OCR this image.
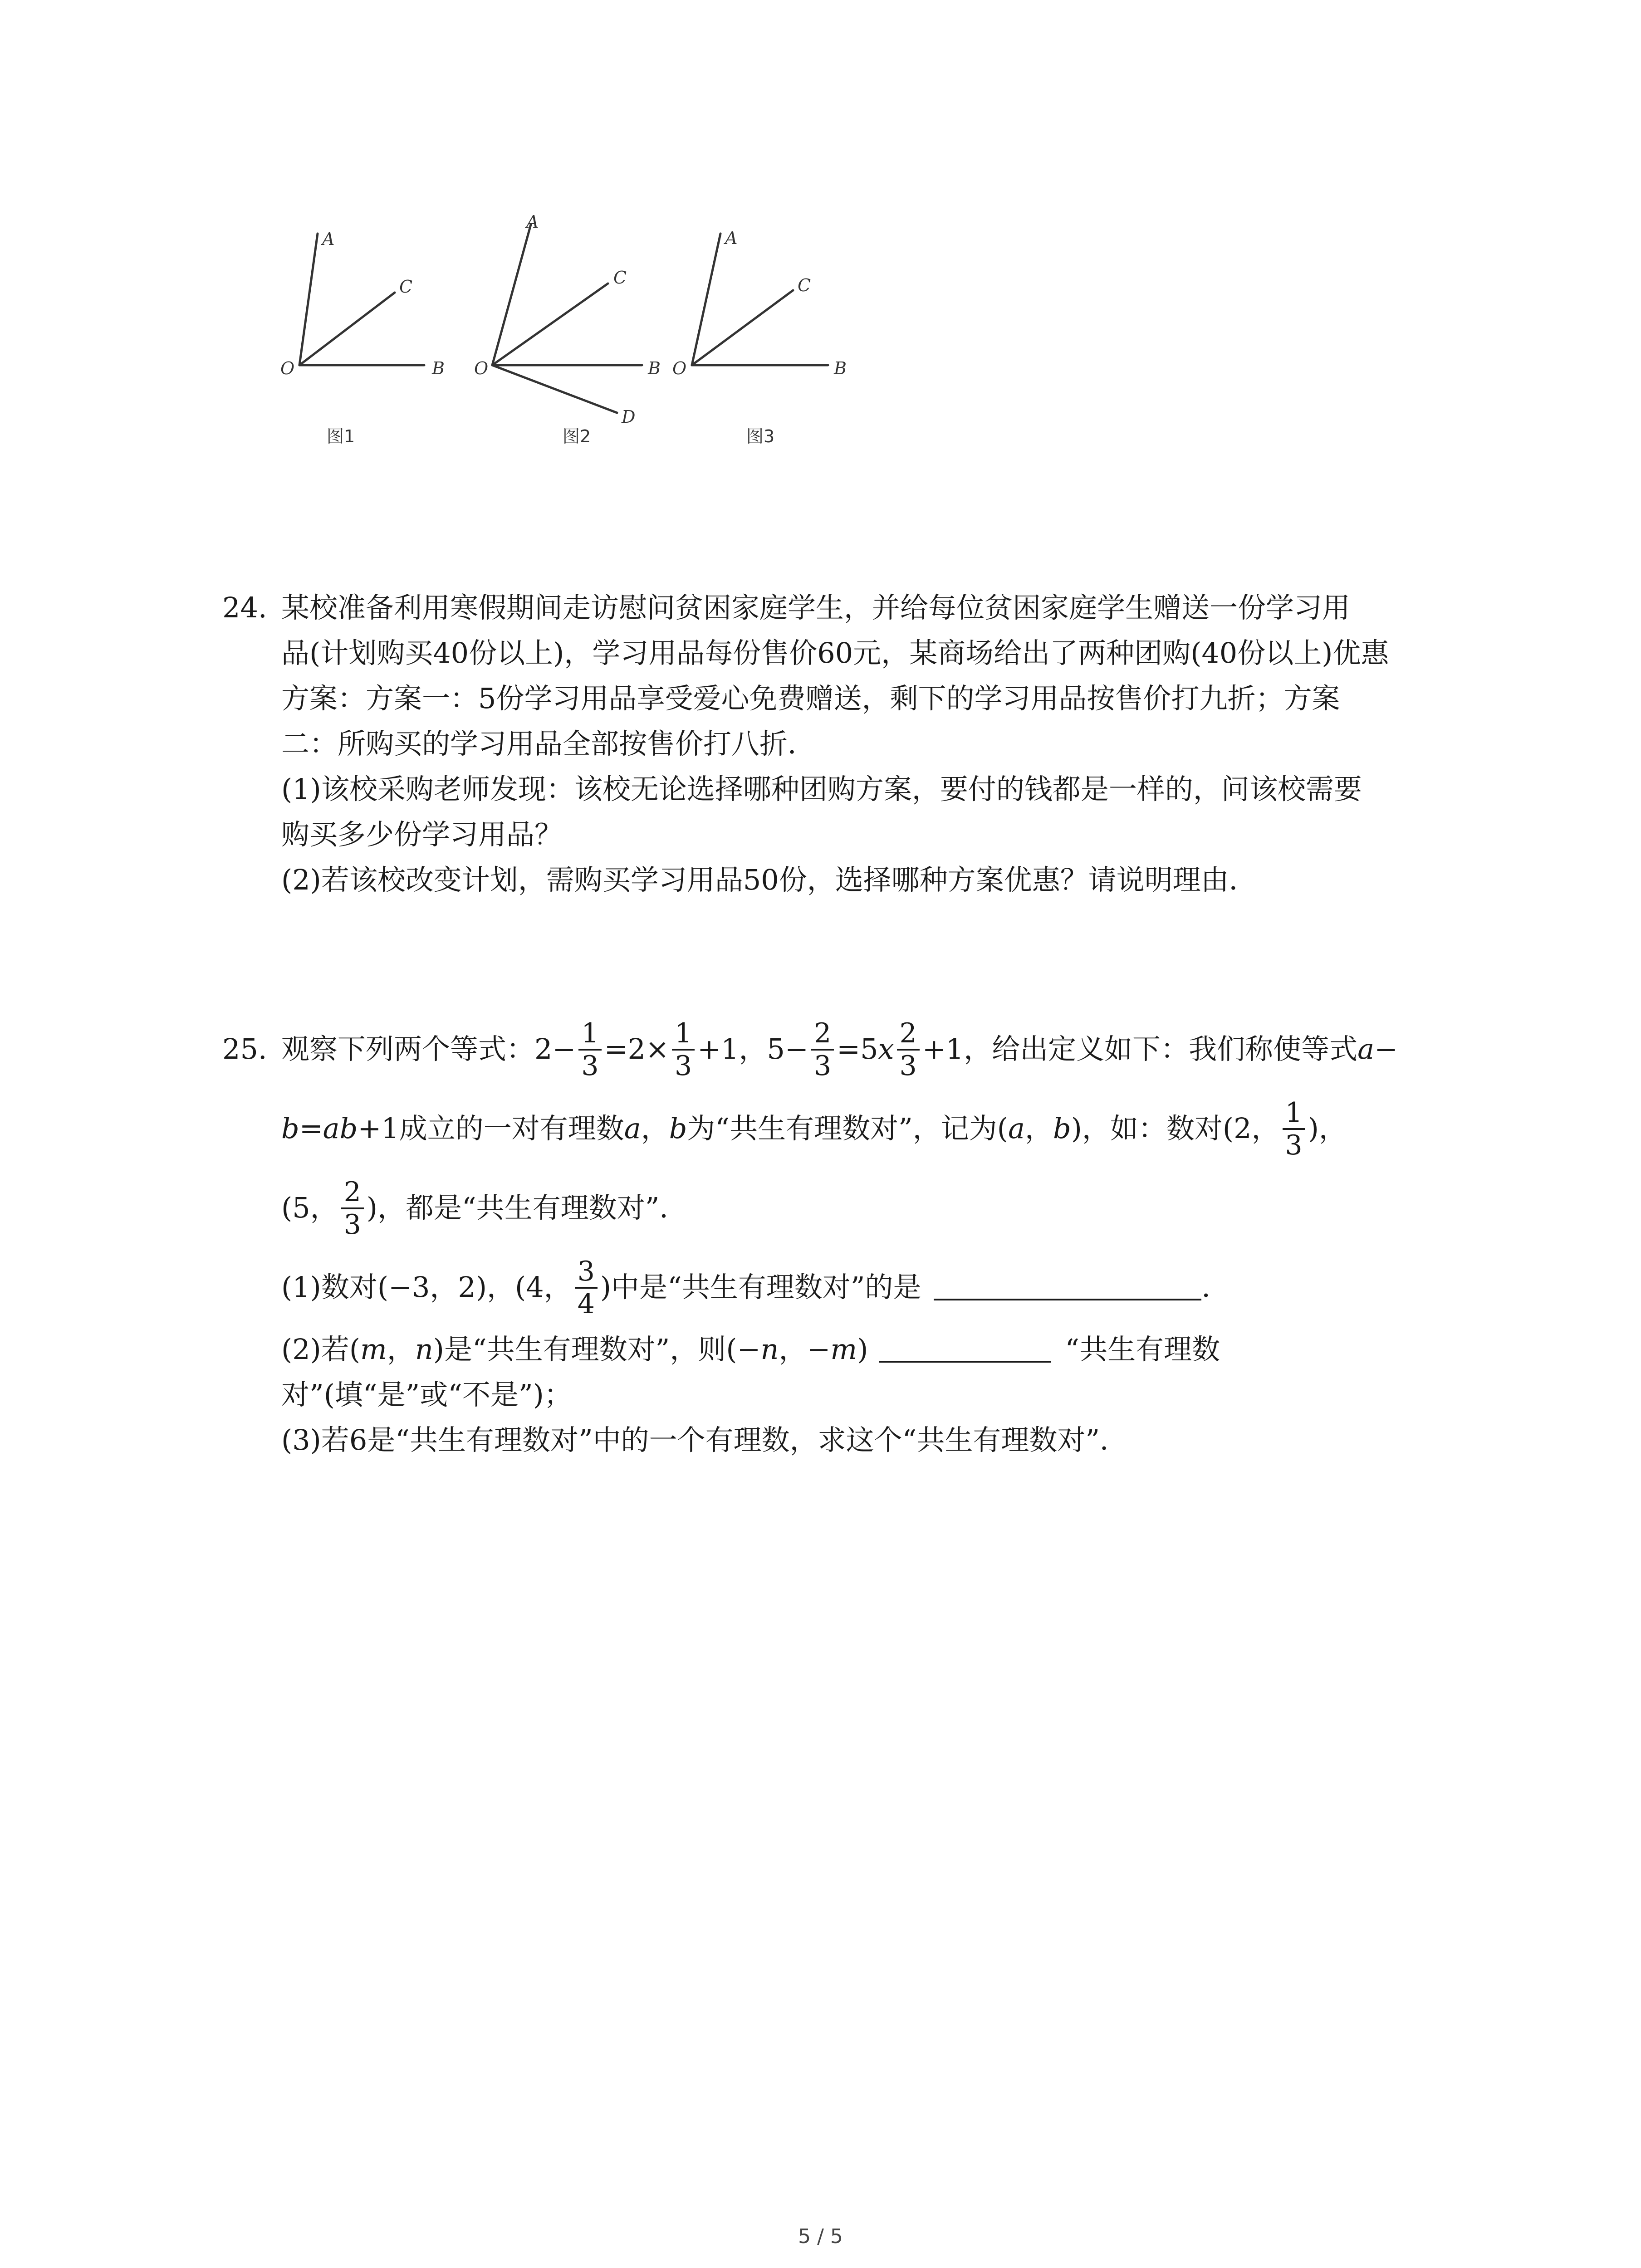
A
C
O	B
图1
A
C
O	B
D
图2
A
C
O	B
图3
24. 某校准备利用寒假期间走访慰问贫困家庭学生，并给每位贫困家庭学生赠送一份学习用
品(计划购买40份以上)，学习用品每份售价60元，某商场给出了两种团购(40份以上)优惠
方案：方案一：5份学习用品享受爱心免费赠送，剩下的学习用品按售价打九折；方案
二：所购买的学习用品全部按售价打八折．
(1)该校采购老师发现：该校无论选择哪种团购方案，要付的钱都是一样的，问该校需要
购买多少份学习用品？
(2)若该校改变计划，需购买学习用品50份，选择哪种方案优惠？请说明理由．
25. 观察下列两个等式：$2- \frac{1}{3} =2\times \frac{1}{3} +1$，$5- \frac{2}{3} =5x \frac{2}{3} +1$，给出定义如下：我们称使等式a−
b=ab+1成立的一对有理数a，b为“共生有理数对”，记为(a，b)，如：数对(2， $\frac{1}{3}$ )，
(5， $\frac{2}{3}$ )，都是“共生有理数对”．
(1)数对(−3，2)，(4， $\frac{3}{4}$ )中是“共生有理数对”的是	．
(2)若(m，n)是“共生有理数对”，则(−n，−m)	“共生有理数
对”(填“是”或“不是”)；
(3)若6是“共生有理数对”中的一个有理数，求这个“共生有理数对”．
5 / 5
